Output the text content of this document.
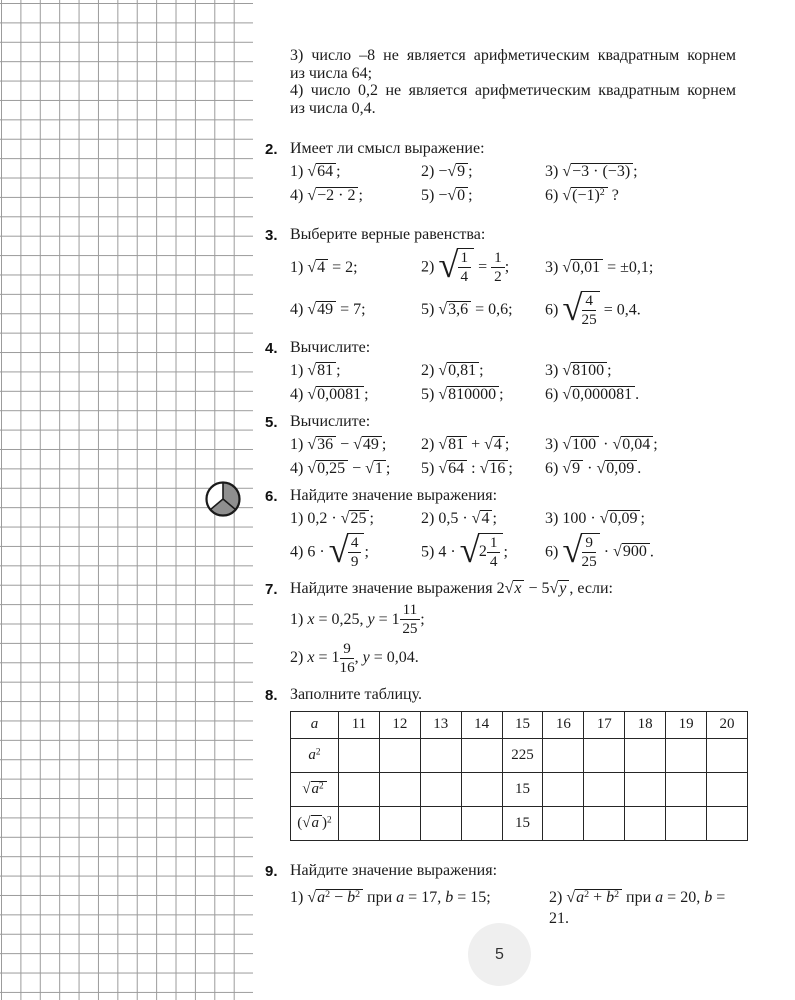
3) число –8 не является арифметическим квадратным корнем
из числа 64;
4) число 0,2 не является арифметическим квадратным корнем
из числа 0,4.
2. Имеет ли смысл выражение:
1) √ 64 ;	2) − √ 9 ;	3) √ −3 · (−3) ;
4) √ −2 · 2 ;	5) − √ 0 ;	6) √ $(-1)^2$ ?
3. Выберите верные равенства:
1) √ 4 = 2;	2)
√ 1
4
= $\frac{1}{2}$ ;	3) √ 0,01 = ±0,1;
4) √ 49 = 7;	5) √ 3,6 = 0,6;	6)
√ 4
25
= 0,4.
4. Вычислите:
1) √ 81 ;	2) √ 0,81 ;	3) √ 8100 ;
4) √ 0,0081 ;	5) √ 810000 ;	6) √ 0,000081 .
5. Вычислите:
1) √ 36 − √ 49 ;	2) √ 81 + √ 4 ;	3) √ 100 · √ 0,04 ;
4) √ 0,25 − √ 1 ;	5) √ 64 : √ 16 ;	6) √ 9 · √ 0,09 .
6. Найдите значение выражения:
1) 0,2 · √ 25 ;	2) 0,5 · √ 4 ;	3) 100 · √ 0,09 ;
4) 6 ·
√ 4
9
;	5) 4 · √ 2
1
4
;	6)
√ 9
25
· √ 900 .
7. Найдите значение выражения 2 √ x − 5 √ y , если:
1) x = 0,25, $y = 1 \frac{11}{25}$ ;
2) $x = 1 \frac{9}{16}$ , y = 0,04.
8. Заполните таблицу.
a	11	12	13	14	15	16	17	18	19	20
$a^2$					225					
√ $a^2$					15					
( √ a )$^2$					15					
9. Найдите значение выражения:
1) √ $a^2 - b^2$ при a = 17, b = 15;	2) √ $a^2 + b^2$ при a = 20, b = 21.
5
